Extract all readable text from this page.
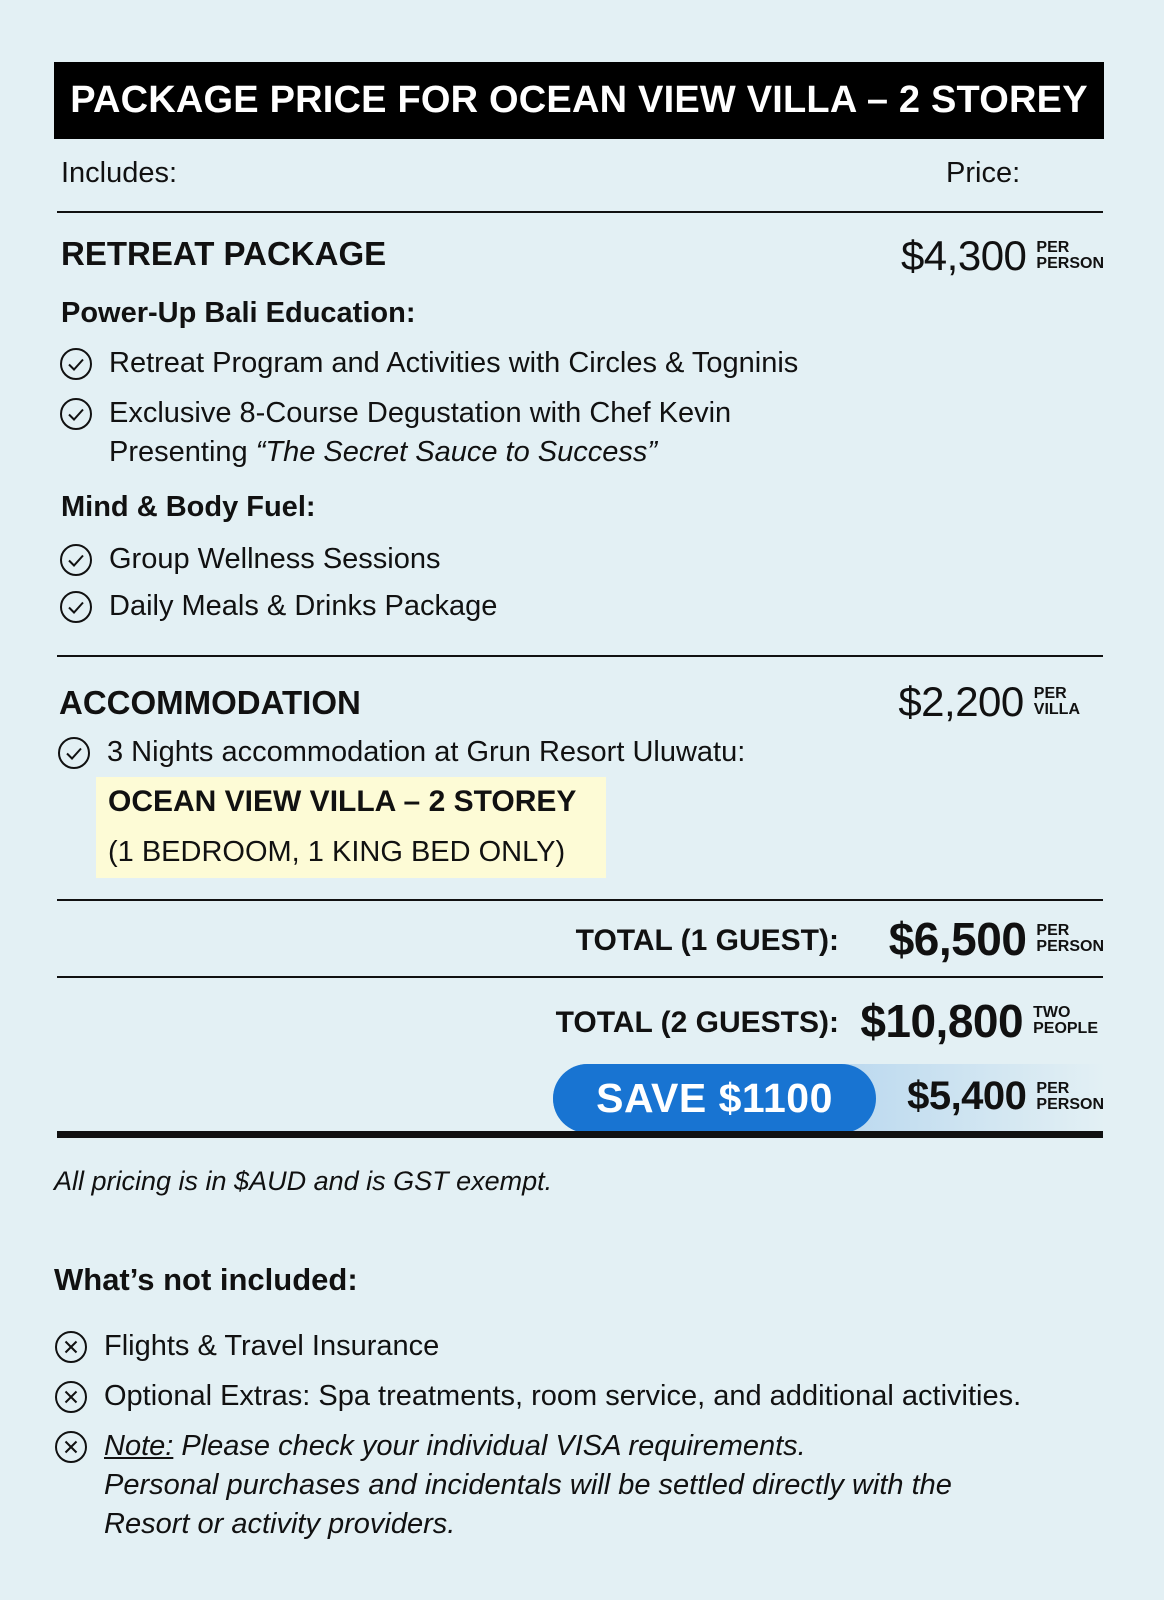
PACKAGE PRICE FOR OCEAN VIEW VILLA – 2 STOREY
Includes:	Price:
RETREAT PACKAGE	$4,300 PER
PERSON
Power-Up Bali Education:
Retreat Program and Activities with Circles & Togninis
Exclusive 8-Course Degustation with Chef Kevin
Presenting “The Secret Sauce to Success”
Mind & Body Fuel:
Group Wellness Sessions
Daily Meals & Drinks Package
ACCOMMODATION	$2,200 PER
VILLA
3 Nights accommodation at Grun Resort Uluwatu:
OCEAN VIEW VILLA – 2 STOREY
(1 BEDROOM, 1 KING BED ONLY)
TOTAL (1 GUEST): $6,500 PER
PERSON
TOTAL (2 GUESTS): $10,800 TWO
PEOPLE
SAVE $1100 $5,400 PER
PERSON
All pricing is in $AUD and is GST exempt.
What’s not included:
Flights & Travel Insurance
Optional Extras: Spa treatments, room service, and additional activities.
Note: Please check your individual VISA requirements.
Personal purchases and incidentals will be settled directly with the
Resort or activity providers.
